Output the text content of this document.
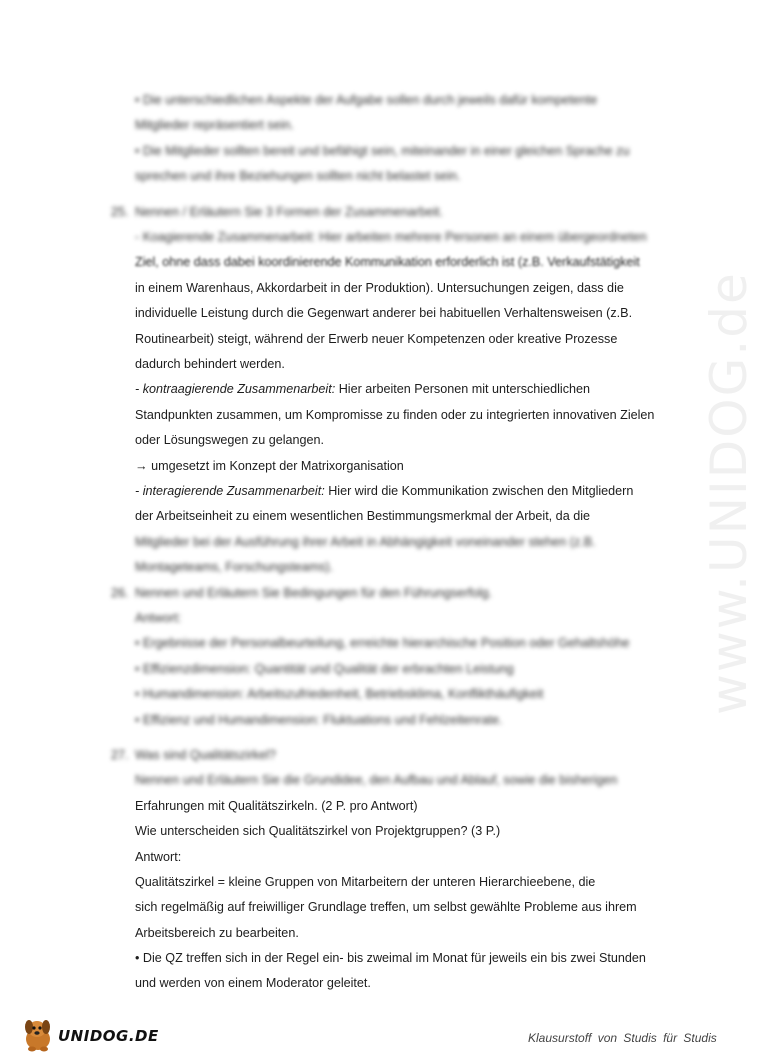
www.UNIDOG.de
• Die unterschiedlichen Aspekte der Aufgabe sollen durch jeweils dafür kompetente
Mitglieder repräsentiert sein.
• Die Mitglieder sollten bereit und befähigt sein, miteinander in einer gleichen Sprache zu
sprechen und ihre Beziehungen sollten nicht belastet sein.
25. Nennen / Erläutern Sie 3 Formen der Zusammenarbeit.
- Koagierende Zusammenarbeit: Hier arbeiten mehrere Personen an einem übergeordneten
Ziel, ohne dass dabei koordinierende Kommunikation erforderlich ist (z.B. Verkaufstätigkeit
in einem Warenhaus, Akkordarbeit in der Produktion). Untersuchungen zeigen, dass die
individuelle Leistung durch die Gegenwart anderer bei habituellen Verhaltensweisen (z.B.
Routinearbeit) steigt, während der Erwerb neuer Kompetenzen oder kreative Prozesse
dadurch behindert werden.
- kontraagierende Zusammenarbeit: Hier arbeiten Personen mit unterschiedlichen
Standpunkten zusammen, um Kompromisse zu finden oder zu integrierten innovativen Zielen
oder Lösungswegen zu gelangen.
→ umgesetzt im Konzept der Matrixorganisation
- interagierende Zusammenarbeit: Hier wird die Kommunikation zwischen den Mitgliedern
der Arbeitseinheit zu einem wesentlichen Bestimmungsmerkmal der Arbeit, da die
Mitglieder bei der Ausführung ihrer Arbeit in Abhängigkeit voneinander stehen (z.B.
Montageteams, Forschungsteams).
26. Nennen und Erläutern Sie Bedingungen für den Führungserfolg.
Antwort:
• Ergebnisse der Personalbeurteilung, erreichte hierarchische Position oder Gehaltshöhe
• Effizienzdimension: Quantität und Qualität der erbrachten Leistung
• Humandimension: Arbeitszufriedenheit, Betriebsklima, Konfliktháufigkeit
• Effizienz und Humandimension: Fluktuations und Fehlzeitenrate.
27. Was sind Qualitätszirkel?
Nennen und Erläutern Sie die Grundidee, den Aufbau und Ablauf, sowie die bisherigen
Erfahrungen mit Qualitätszirkeln. (2 P. pro Antwort)
Wie unterscheiden sich Qualitätszirkel von Projektgruppen? (3 P.)
Antwort:
Qualitätszirkel = kleine Gruppen von Mitarbeitern der unteren Hierarchieebene, die
sich regelmäßig auf freiwilliger Grundlage treffen, um selbst gewählte Probleme aus ihrem
Arbeitsbereich zu bearbeiten.
• Die QZ treffen sich in der Regel ein- bis zweimal im Monat für jeweils ein bis zwei Stunden
und werden von einem Moderator geleitet.
UNIDOG.DE	Klausurstoff von Studis für Studis
